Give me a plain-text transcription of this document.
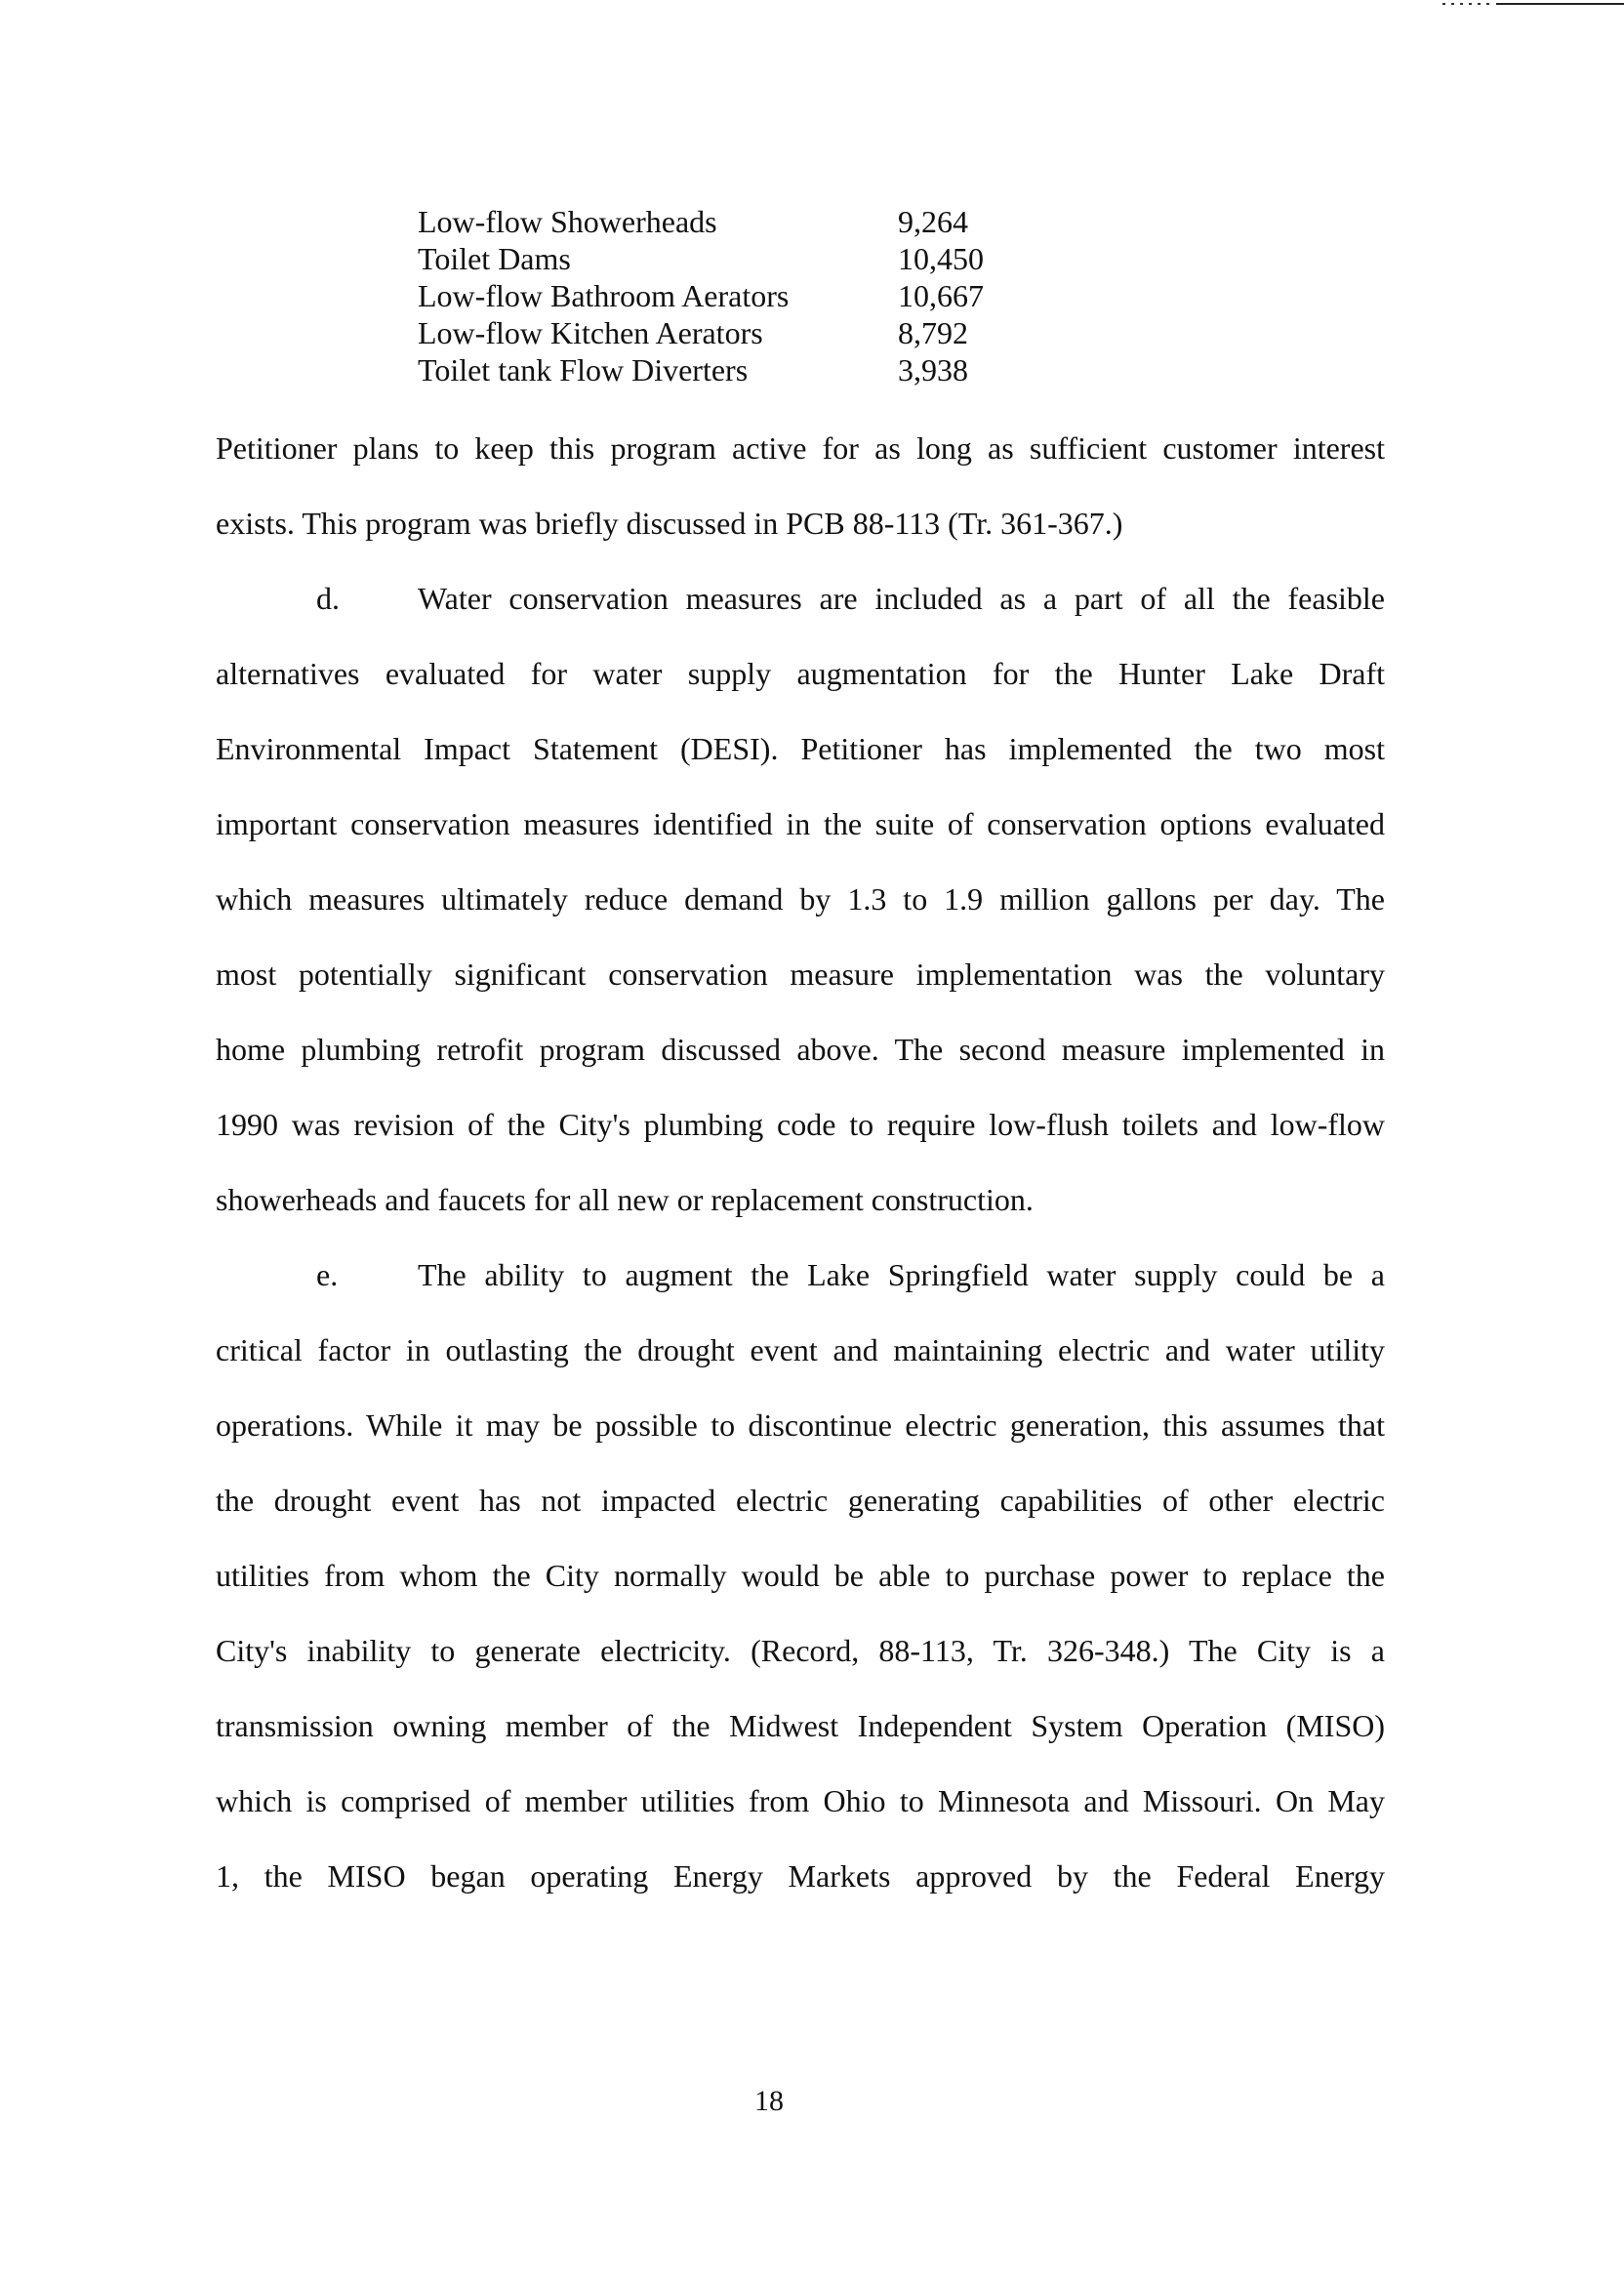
Low-flow Showerheads	9,264
Toilet Dams	10,450
Low-flow Bathroom Aerators	10,667
Low-flow Kitchen Aerators	8,792
Toilet tank Flow Diverters	3,938
Petitioner plans to keep this program active for as long as sufficient customer interest
exists. This program was briefly discussed in PCB 88-113 (Tr. 361-367.)
d.	Water conservation measures are included as a part of all the feasible
alternatives evaluated for water supply augmentation for the Hunter Lake Draft
Environmental Impact Statement (DESI). Petitioner has implemented the two most
important conservation measures identified in the suite of conservation options evaluated
which measures ultimately reduce demand by 1.3 to 1.9 million gallons per day. The
most potentially significant conservation measure implementation was the voluntary
home plumbing retrofit program discussed above. The second measure implemented in
1990 was revision of the City's plumbing code to require low-flush toilets and low-flow
showerheads and faucets for all new or replacement construction.
e.	The ability to augment the Lake Springfield water supply could be a
critical factor in outlasting the drought event and maintaining electric and water utility
operations. While it may be possible to discontinue electric generation, this assumes that
the drought event has not impacted electric generating capabilities of other electric
utilities from whom the City normally would be able to purchase power to replace the
City's inability to generate electricity. (Record, 88-113, Tr. 326-348.) The City is a
transmission owning member of the Midwest Independent System Operation (MISO)
which is comprised of member utilities from Ohio to Minnesota and Missouri. On May
1, the MISO began operating Energy Markets approved by the Federal Energy
18
